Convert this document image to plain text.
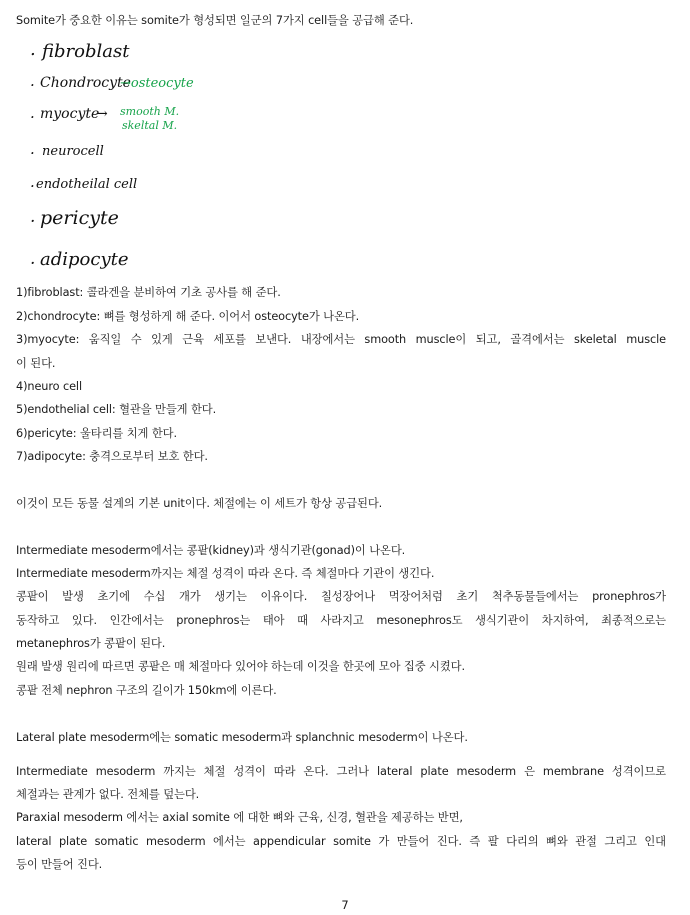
Somite가 중요한 이유는 somite가 형성되면 일군의 7가지 cell들을 공급해 준다.
. fibroblast
. Chondrocyte
. myocyte
→
. neurocell
. endotheilal cell
. pericyte
. adipocyte
→osteocyte
smooth M.
skeltal M.
1)fibroblast: 콜라겐을 분비하여 기초 공사를 해 준다.
2)chondrocyte: 뼈를 형성하게 해 준다. 이어서 osteocyte가 나온다.
3)myocyte: 움직일 수 있게 근육 세포를 보낸다. 내장에서는 smooth muscle이 되고, 골격에서는 skeletal muscle
이 된다.
4)neuro cell
5)endothelial cell: 혈관을 만들게 한다.
6)pericyte: 울타리를 치게 한다.
7)adipocyte: 충격으로부터 보호 한다.
이것이 모든 동물 설계의 기본 unit이다. 체절에는 이 세트가 항상 공급된다.
Intermediate mesoderm에서는 콩팥(kidney)과 생식기관(gonad)이 나온다.
Intermediate mesoderm까지는 체절 성격이 따라 온다. 즉 체절마다 기관이 생긴다.
콩팥이 발생 초기에 수십 개가 생기는 이유이다. 칠성장어나 먹장어처럼 초기 척추동물들에서는 pronephros가
동작하고 있다. 인간에서는 pronephros는 태아 때 사라지고 mesonephros도 생식기관이 차지하여, 최종적으로는
metanephros가 콩팥이 된다.
원래 발생 원리에 따르면 콩팥은 매 체절마다 있어야 하는데 이것을 한곳에 모아 집중 시켰다.
콩팥 전체 nephron 구조의 길이가 150km에 이른다.
Lateral plate mesoderm에는 somatic mesoderm과 splanchnic mesoderm이 나온다.
Intermediate mesoderm 까지는 체절 성격이 따라 온다. 그러나 lateral plate mesoderm 은 membrane 성격이므로
체절과는 관계가 없다. 전체를 덮는다.
Paraxial mesoderm 에서는 axial somite 에 대한 뼈와 근육, 신경, 혈관을 제공하는 반면,
lateral plate somatic mesoderm 에서는 appendicular somite 가 만들어 진다. 즉 팔 다리의 뼈와 관절 그리고 인대
등이 만들어 진다.
7
